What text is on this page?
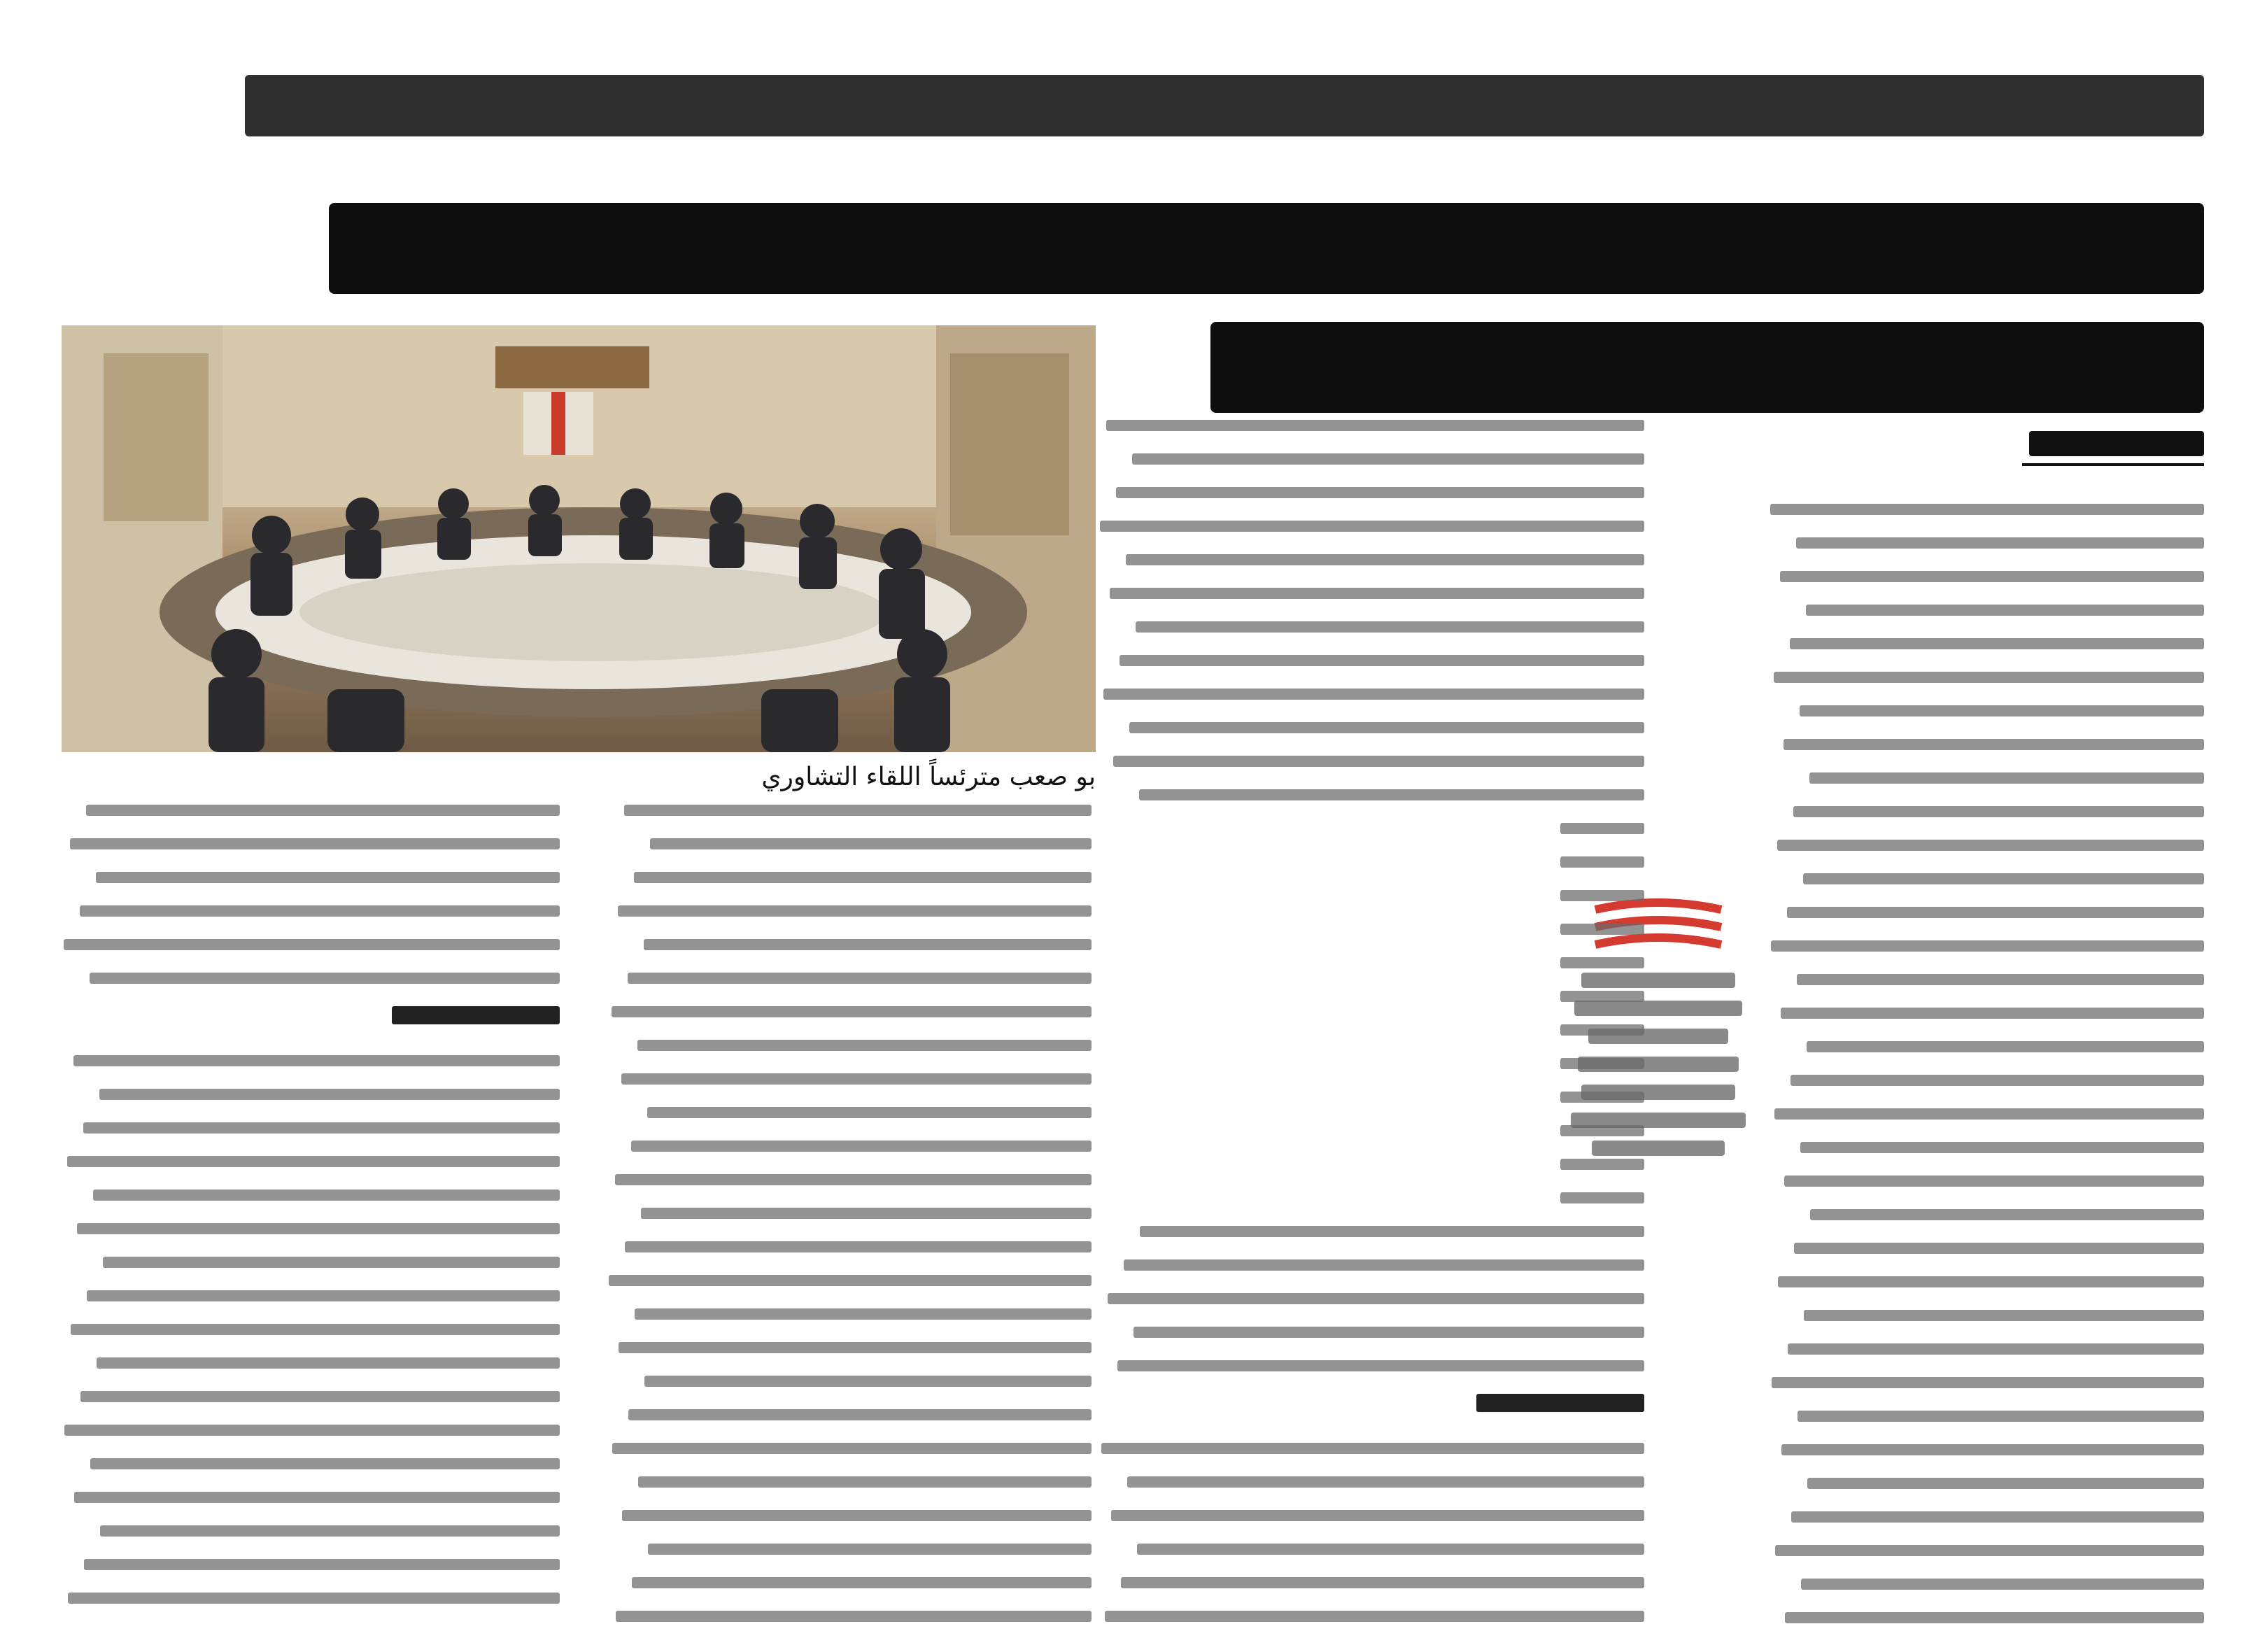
بو صعب مترئساً اللقاء التشاوري
